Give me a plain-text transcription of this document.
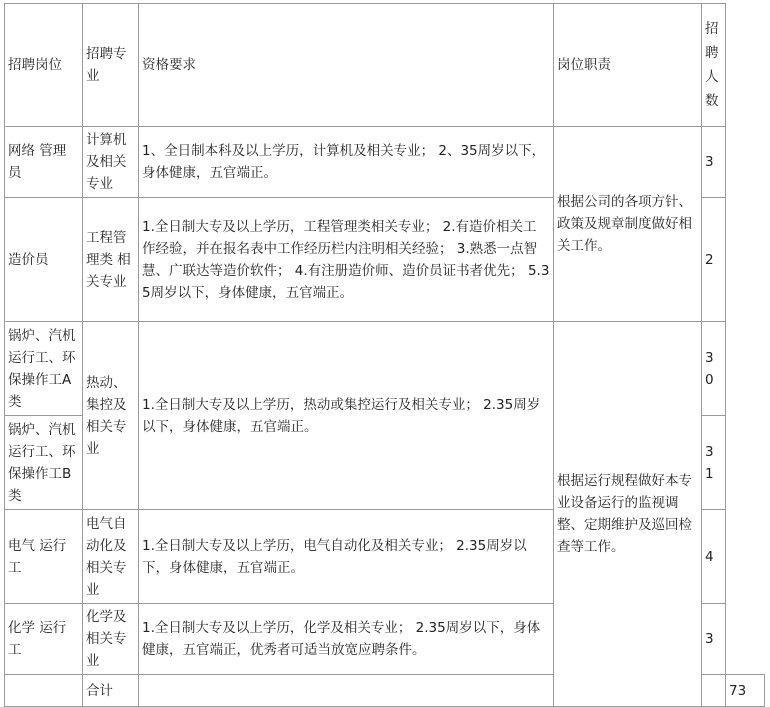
招聘岗位	招聘专业	资格要求	岗位职责	招聘人数	
网络 管理员	计算机及相关专业	1、全日制本科及以上学历，计算机及相关专业； 2、35周岁以下，身体健康，五官端正。	根据公司的各项方针、政策及规章制度做好相关工作。	3	
造价员	工程管理类 相关专业	1.全日制大专及以上学历，工程管理类相关专业； 2.有造价相关工作经验，并在报名表中工作经历栏内注明相关经验； 3.熟悉一点智慧、广联达等造价软件； 4.有注册造价师、造价员证书者优先； 5.35周岁以下，身体健康，五官端正。		2	
锅炉、汽机运行工、环保操作工A类	热动、集控及相关专业	1.全日制大专及以上学历，热动或集控运行及相关专业； 2.35周岁以下，身体健康，五官端正。	根据运行规程做好本专业设备运行的监视调整、定期维护及巡回检查等工作。	30	
锅炉、汽机运行工、环保操作工B类				31	
电气 运行工	电气自动化及相关专业	1.全日制大专及以上学历，电气自动化及相关专业； 2.35周岁以下，身体健康，五官端正。		4	
化学 运行工	化学及相关专业	1.全日制大专及以上学历，化学及相关专业； 2.35周岁以下，身体健康，五官端正，优秀者可适当放宽应聘条件。		3	
	合计				73
